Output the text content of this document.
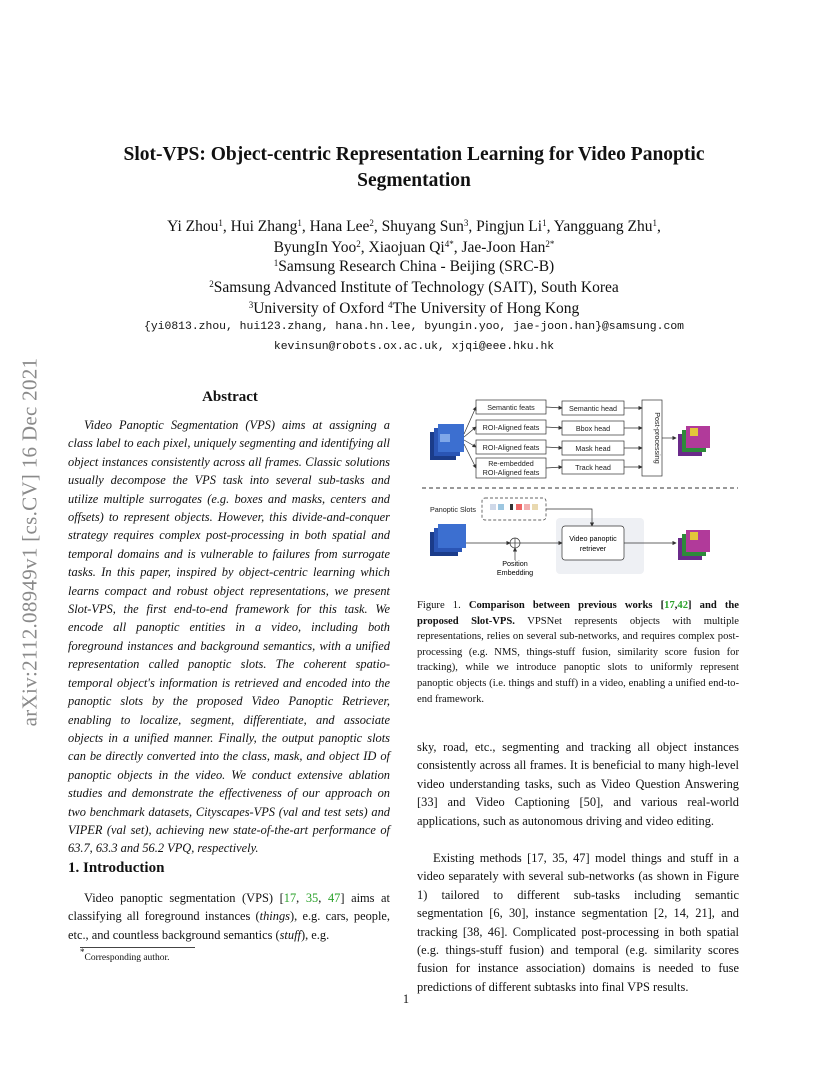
arXiv:2112.08949v1 [cs.CV] 16 Dec 2021
Slot-VPS: Object-centric Representation Learning for Video Panoptic Segmentation
Yi Zhou$^1$, Hui Zhang$^1$, Hana Lee$^2$, Shuyang Sun$^3$, Pingjun Li$^1$, Yangguang Zhu$^1$,
ByungIn Yoo$^2$, Xiaojuan $Qi^{4*}$, Jae-Joon Han$^{2*}$
$^1$Samsung Research China - Beijing (SRC-B)
$^2$Samsung Advanced Institute of Technology (SAIT), South Korea
$^3$University of Oxford $^4$The University of Hong Kong
{yi0813.zhou, hui123.zhang, hana.hn.lee, byungin.yoo, jae-joon.han}@samsung.com
kevinsun@robots.ox.ac.uk, xjqi@eee.hku.hk
Abstract
Video Panoptic Segmentation (VPS) aims at assigning a class label to each pixel, uniquely segmenting and identifying all object instances consistently across all frames. Classic solutions usually decompose the VPS task into several sub-tasks and utilize multiple surrogates (e.g. boxes and masks, centers and offsets) to represent objects. However, this divide-and-conquer strategy requires complex post-processing in both spatial and temporal domains and is vulnerable to failures from surrogate tasks. In this paper, inspired by object-centric learning which learns compact and robust object representations, we present Slot-VPS, the first end-to-end framework for this task. We encode all panoptic entities in a video, including both foreground instances and background semantics, with a unified representation called panoptic slots. The coherent spatio-temporal object's information is retrieved and encoded into the panoptic slots by the proposed Video Panoptic Retriever, enabling to localize, segment, differentiate, and associate objects in a unified manner. Finally, the output panoptic slots can be directly converted into the class, mask, and object ID of panoptic objects in the video. We conduct extensive ablation studies and demonstrate the effectiveness of our approach on two benchmark datasets, Cityscapes-VPS (val and test sets) and VIPER (val set), achieving new state-of-the-art performance of 63.7, 63.3 and 56.2 VPQ, respectively.
1. Introduction
Video panoptic segmentation (VPS) [17, 35, 47] aims at classifying all foreground instances (things), e.g. cars, people, etc., and countless background semantics (stuff), e.g.
*Corresponding author.
Semantic feats
ROI-Aligned feats
ROI-Aligned feats
Re-embedded
ROI-Aligned feats
Semantic head
Bbox head
Mask head
Track head
Post-processing
Panoptic Slots
Video panoptic
retriever
Position
Embedding
Figure 1. Comparison between previous works [17,42] and the proposed Slot-VPS. VPSNet represents objects with multiple representations, relies on several sub-networks, and requires complex post-processing (e.g. NMS, things-stuff fusion, similarity score fusion for tracking), while we introduce panoptic slots to uniformly represent panoptic objects (i.e. things and stuff) in a video, enabling a unified end-to-end framework.
sky, road, etc., segmenting and tracking all object instances consistently across all frames. It is beneficial to many high-level video understanding tasks, such as Video Question Answering [33] and Video Captioning [50], and various real-world applications, such as autonomous driving and video editing.
Existing methods [17, 35, 47] model things and stuff in a video separately with several sub-networks (as shown in Figure 1) tailored to different sub-tasks including semantic segmentation [6, 30], instance segmentation [2, 14, 21], and tracking [38, 46]. Complicated post-processing in both spatial (e.g. things-stuff fusion) and temporal (e.g. similarity scores fusion for instance association) domains is needed to fuse predictions of different subtasks into final VPS results.
1
